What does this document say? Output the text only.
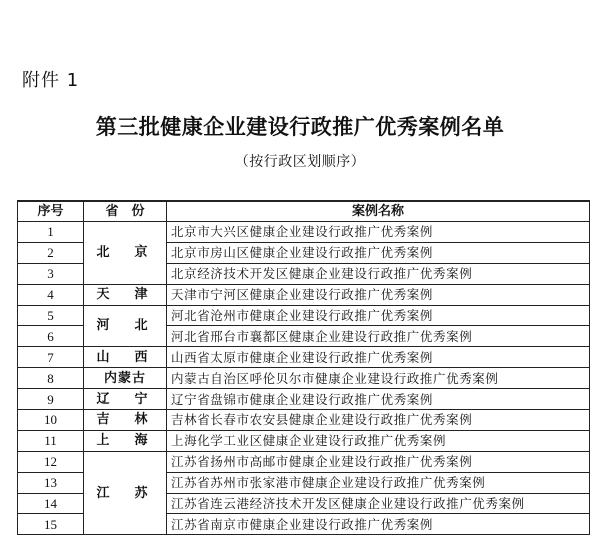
附件 1
第三批健康企业建设行政推广优秀案例名单
（按行政区划顺序）
序号	省　份	案例名称
1	北　京	北京市大兴区健康企业建设行政推广优秀案例
2		北京市房山区健康企业建设行政推广优秀案例
3		北京经济技术开发区健康企业建设行政推广优秀案例
4	天　津	天津市宁河区健康企业建设行政推广优秀案例
5	河　北	河北省沧州市健康企业建设行政推广优秀案例
6		河北省邢台市襄都区健康企业建设行政推广优秀案例
7	山　西	山西省太原市健康企业建设行政推广优秀案例
8	内蒙古	内蒙古自治区呼伦贝尔市健康企业建设行政推广优秀案例
9	辽　宁	辽宁省盘锦市健康企业建设行政推广优秀案例
10	吉　林	吉林省长春市农安县健康企业建设行政推广优秀案例
11	上　海	上海化学工业区健康企业建设行政推广优秀案例
12	江　苏	江苏省扬州市高邮市健康企业建设行政推广优秀案例
13		江苏省苏州市张家港市健康企业建设行政推广优秀案例
14		江苏省连云港经济技术开发区健康企业建设行政推广优秀案例
15		江苏省南京市健康企业建设行政推广优秀案例
